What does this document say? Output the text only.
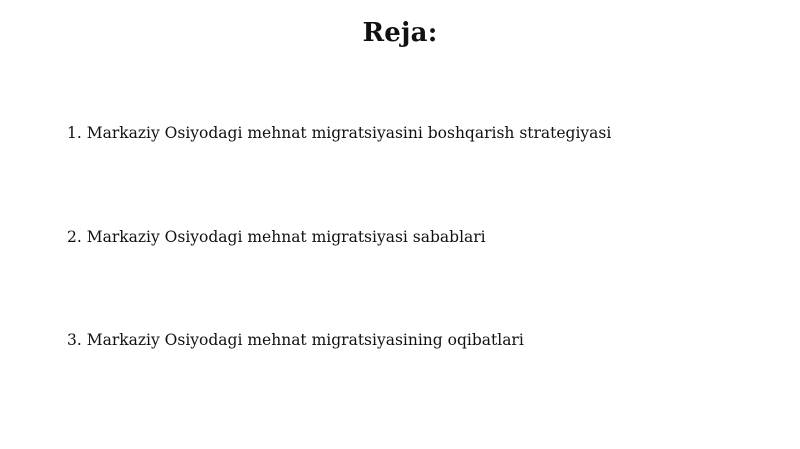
Reja:
1. Markaziy Osiyodagi mehnat migratsiyasini boshqarish strategiyasi
2. Markaziy Osiyodagi mehnat migratsiyasi sabablari
3. Markaziy Osiyodagi mehnat migratsiyasining oqibatlari
